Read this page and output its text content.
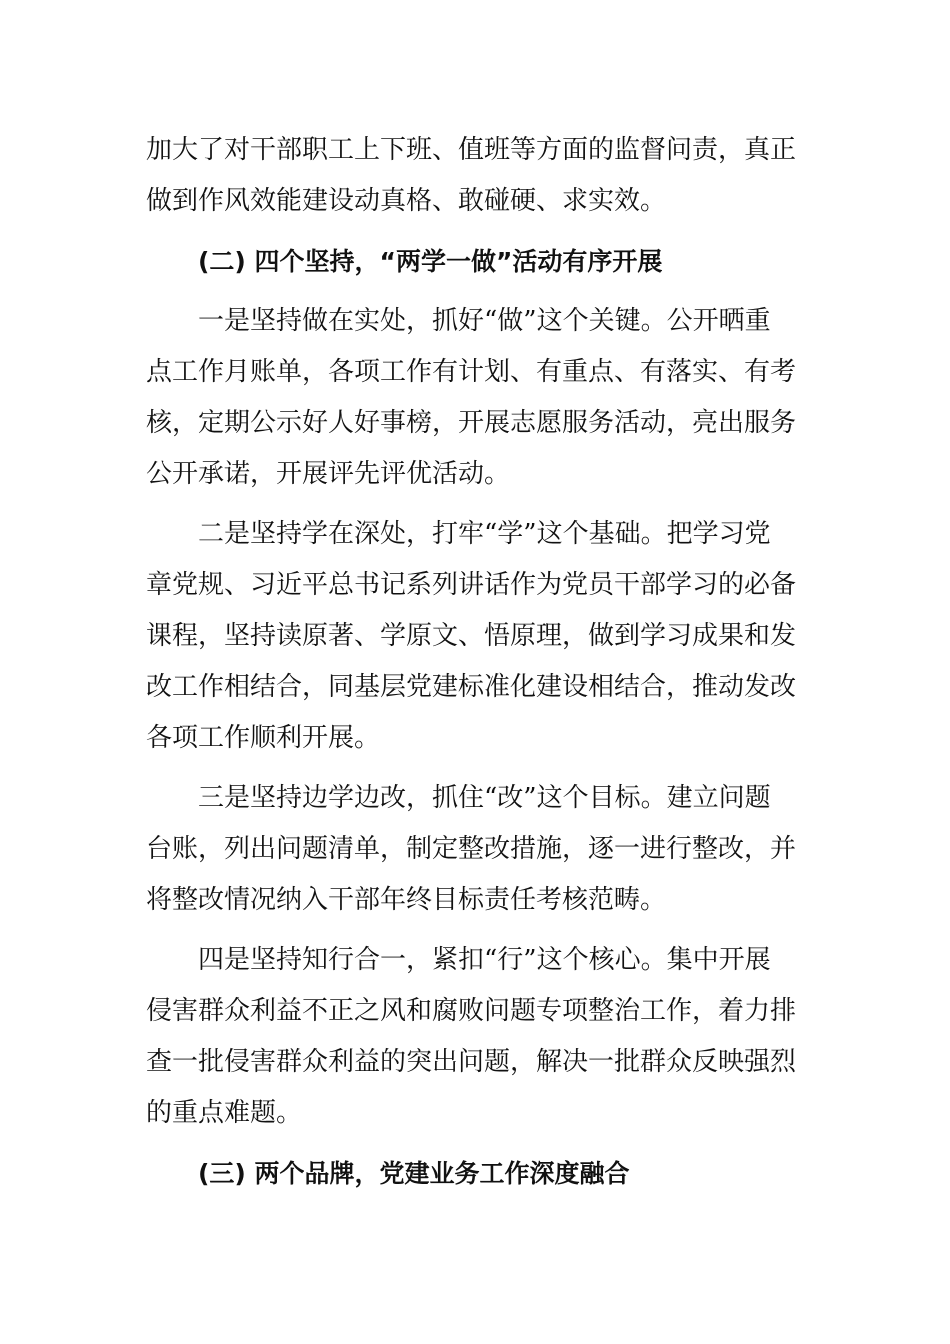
加大了对干部职工上下班、值班等方面的监督问责，真正做到作风效能建设动真格、敢碰硬、求实效。

(二) 四个坚持，“两学一做”活动有序开展

一是坚持做在实处，抓好“做”这个关键。公开晒重点工作月账单，各项工作有计划、有重点、有落实、有考核，定期公示好人好事榜，开展志愿服务活动，亮出服务公开承诺，开展评先评优活动。

二是坚持学在深处，打牢“学”这个基础。把学习党章党规、习近平总书记系列讲话作为党员干部学习的必备课程，坚持读原著、学原文、悟原理，做到学习成果和发改工作相结合，同基层党建标准化建设相结合，推动发改各项工作顺利开展。

三是坚持边学边改，抓住“改”这个目标。建立问题台账，列出问题清单，制定整改措施，逐一进行整改，并将整改情况纳入干部年终目标责任考核范畴。

四是坚持知行合一，紧扣“行”这个核心。集中开展侵害群众利益不正之风和腐败问题专项整治工作，着力排查一批侵害群众利益的突出问题，解决一批群众反映强烈的重点难题。

(三) 两个品牌，党建业务工作深度融合
